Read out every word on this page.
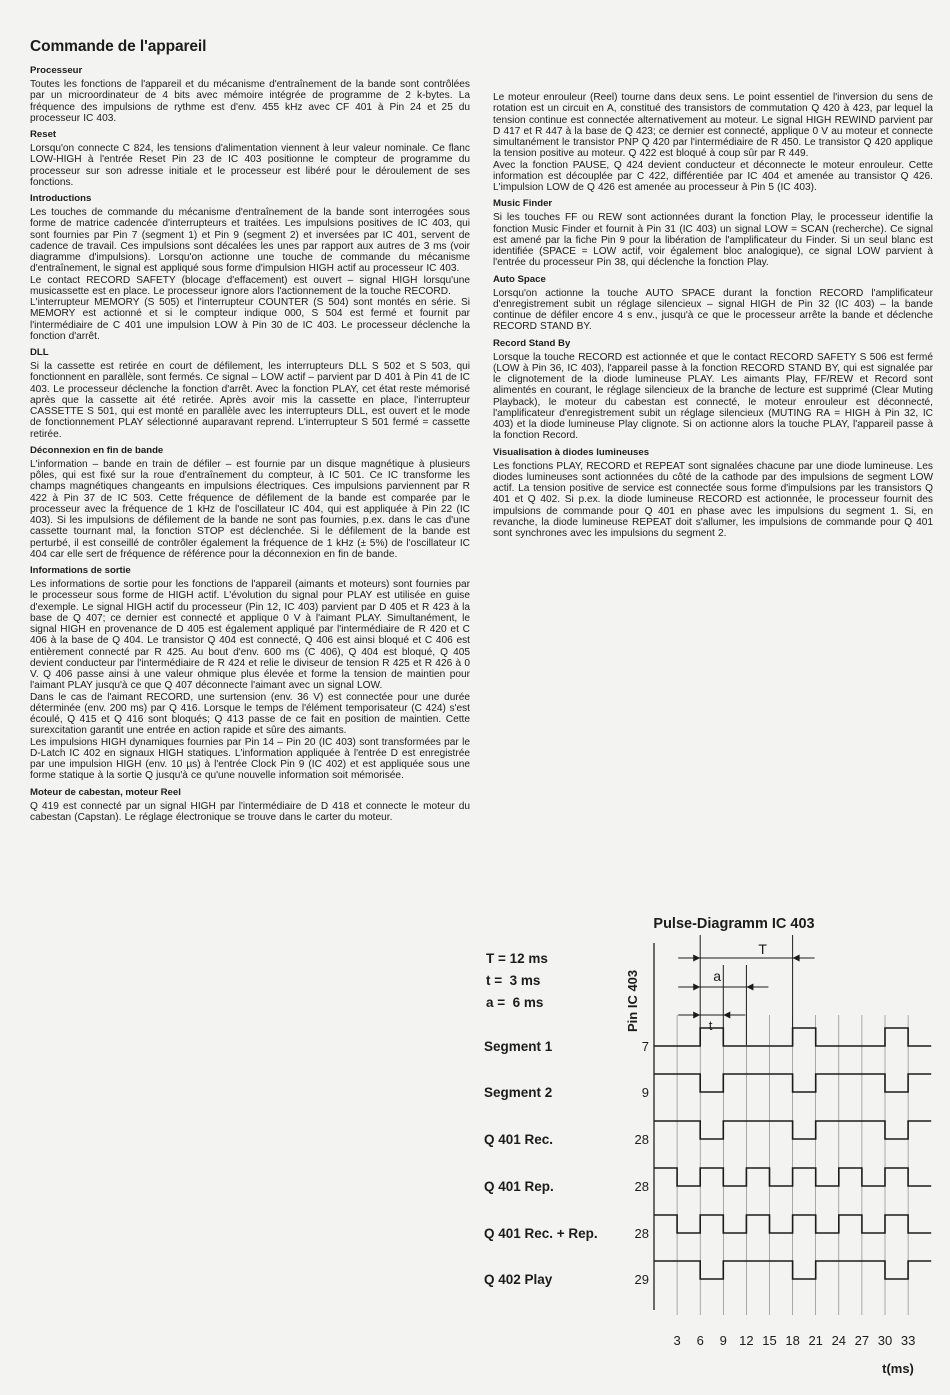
Commande de l'appareil
Processeur

Toutes les fonctions de l'appareil et du mécanisme d'entraînement de la bande sont contrôlées par un microordinateur de 4 bits avec mémoire intégrée de programme de 2 k-bytes. La fréquence des impulsions de rythme est d'env. 455 kHz avec CF 401 à Pin 24 et 25 du processeur IC 403.

Reset

Lorsqu'on connecte C 824, les tensions d'alimentation viennent à leur valeur nominale. Ce flanc LOW-HIGH à l'entrée Reset Pin 23 de IC 403 positionne le compteur de programme du processeur sur son adresse initiale et le processeur est libéré pour le déroulement de ses fonctions.

Introductions

Les touches de commande du mécanisme d'entraînement de la bande sont interrogées sous forme de matrice cadencée d'interrupteurs et traitées. Les impulsions positives de IC 403, qui sont fournies par Pin 7 (segment 1) et Pin 9 (segment 2) et inversées par IC 401, servent de cadence de travail. Ces impulsions sont décalées les unes par rapport aux autres de 3 ms (voir diagramme d'impulsions). Lorsqu'on actionne une touche de commande du mécanisme d'entraînement, le signal est appliqué sous forme d'impulsion HIGH actif au processeur IC 403.
Le contact RECORD SAFETY (blocage d'effacement) est ouvert – signal HIGH lorsqu'une musicassette est en place. Le processeur ignore alors l'actionnement de la touche RECORD.
L'interrupteur MEMORY (S 505) et l'interrupteur COUNTER (S 504) sont montés en série. Si MEMORY est actionné et si le compteur indique 000, S 504 est fermé et fournit par l'intermédiaire de C 401 une impulsion LOW à Pin 30 de IC 403. Le processeur déclenche la fonction d'arrêt.

DLL

Si la cassette est retirée en court de défilement, les interrupteurs DLL S 502 et S 503, qui fonctionnent en parallèle, sont fermés. Ce signal – LOW actif – parvient par D 401 à Pin 41 de IC 403. Le processeur déclenche la fonction d'arrêt. Avec la fonction PLAY, cet état reste mémorisé après que la cassette ait été retirée. Après avoir mis la cassette en place, l'interrupteur CASSETTE S 501, qui est monté en parallèle avec les interrupteurs DLL, est ouvert et le mode de fonctionnement PLAY sélectionné auparavant reprend. L'interrupteur S 501 fermé = cassette retirée.

Déconnexion en fin de bande

L'information – bande en train de défiler – est fournie par un disque magnétique à plusieurs pôles, qui est fixé sur la roue d'entraînement du compteur, à IC 501. Ce IC transforme les champs magnétiques changeants en impulsions électriques. Ces impulsions parviennent par R 422 à Pin 37 de IC 503. Cette fréquence de défilement de la bande est comparée par le processeur avec la fréquence de 1 kHz de l'oscillateur IC 404, qui est appliquée à Pin 22 (IC 403). Si les impulsions de défilement de la bande ne sont pas fournies, p.ex. dans le cas d'une cassette tournant mal, la fonction STOP est déclenchée. Si le défilement de la bande est perturbé, il est conseillé de contrôler également la fréquence de 1 kHz (± 5%) de l'oscillateur IC 404 car elle sert de fréquence de référence pour la déconnexion en fin de bande.

Informations de sortie

Les informations de sortie pour les fonctions de l'appareil (aimants et moteurs) sont fournies par le processeur sous forme de HIGH actif. L'évolution du signal pour PLAY est utilisée en guise d'exemple. Le signal HIGH actif du processeur (Pin 12, IC 403) parvient par D 405 et R 423 à la base de Q 407; ce dernier est connecté et applique 0 V à l'aimant PLAY. Simultanément, le signal HIGH en provenance de D 405 est également appliqué par l'intermédiaire de R 420 et C 406 à la base de Q 404. Le transistor Q 404 est connecté, Q 406 est ainsi bloqué et C 406 est entièrement connecté par R 425. Au bout d'env. 600 ms (C 406), Q 404 est bloqué, Q 405 devient conducteur par l'intermédiaire de R 424 et relie le diviseur de tension R 425 et R 426 à 0 V. Q 406 passe ainsi à une valeur ohmique plus élevée et forme la tension de maintien pour l'aimant PLAY jusqu'à ce que Q 407 déconnecte l'aimant avec un signal LOW.
Dans le cas de l'aimant RECORD, une surtension (env. 36 V) est connectée pour une durée déterminée (env. 200 ms) par Q 416. Lorsque le temps de l'élément temporisateur (C 424) s'est écoulé, Q 415 et Q 416 sont bloqués; Q 413 passe de ce fait en position de maintien. Cette surexcitation garantit une entrée en action rapide et sûre des aimants.
Les impulsions HIGH dynamiques fournies par Pin 14 – Pin 20 (IC 403) sont transformées par le D-Latch IC 402 en signaux HIGH statiques. L'information appliquée à l'entrée D est enregistrée par une impulsion HIGH (env. 10 µs) à l'entrée Clock Pin 9 (IC 402) et est appliquée sous une forme statique à la sortie Q jusqu'à ce qu'une nouvelle information soit mémorisée.

Moteur de cabestan, moteur Reel

Q 419 est connecté par un signal HIGH par l'intermédiaire de D 418 et connecte le moteur du cabestan (Capstan). Le réglage électronique se trouve dans le carter du moteur.

Le moteur enrouleur (Reel) tourne dans deux sens. Le point essentiel de l'inversion du sens de rotation est un circuit en A, constitué des transistors de commutation Q 420 à 423, par lequel la tension continue est connectée alternativement au moteur. Le signal HIGH REWIND parvient par D 417 et R 447 à la base de Q 423; ce dernier est connecté, applique 0 V au moteur et connecte simultanément le transistor PNP Q 420 par l'intermédiaire de R 450. Le transistor Q 420 applique la tension positive au moteur. Q 422 est bloqué à coup sûr par R 449.
Avec la fonction PAUSE, Q 424 devient conducteur et déconnecte le moteur enrouleur. Cette information est découplée par C 422, différentiée par IC 404 et amenée au transistor Q 426. L'impulsion LOW de Q 426 est amenée au processeur à Pin 5 (IC 403).

Music Finder

Si les touches FF ou REW sont actionnées durant la fonction Play, le processeur identifie la fonction Music Finder et fournit à Pin 31 (IC 403) un signal LOW = SCAN (recherche). Ce signal est amené par la fiche Pin 9 pour la libération de l'amplificateur du Finder. Si un seul blanc est identifiée (SPACE = LOW actif, voir également bloc analogique), ce signal LOW parvient à l'entrée du processeur Pin 38, qui déclenche la fonction Play.

Auto Space

Lorsqu'on actionne la touche AUTO SPACE durant la fonction RECORD l'amplificateur d'enregistrement subit un réglage silencieux – signal HIGH de Pin 32 (IC 403) – la bande continue de défiler encore 4 s env., jusqu'à ce que le processeur arrête la bande et déclenche RECORD STAND BY.

Record Stand By

Lorsque la touche RECORD est actionnée et que le contact RECORD SAFETY S 506 est fermé (LOW à Pin 36, IC 403), l'appareil passe à la fonction RECORD STAND BY, qui est signalée par le clignotement de la diode lumineuse PLAY. Les aimants Play, FF/REW et Record sont alimentés en courant, le réglage silencieux de la branche de lecture est supprimé (Clear Muting Playback), le moteur du cabestan est connecté, le moteur enrouleur est déconnecté, l'amplificateur d'enregistrement subit un réglage silencieux (MUTING RA = HIGH à Pin 32, IC 403) et la diode lumineuse Play clignote. Si on actionne alors la touche PLAY, l'appareil passe à la fonction Record.

Visualisation à diodes lumineuses

Les fonctions PLAY, RECORD et REPEAT sont signalées chacune par une diode lumineuse. Les diodes lumineuses sont actionnées du côté de la cathode par des impulsions de segment LOW actif. La tension positive de service est connectée sous forme d'impulsions par les transistors Q 401 et Q 402. Si p.ex. la diode lumineuse RECORD est actionnée, le processeur fournit des impulsions de commande pour Q 401 en phase avec les impulsions du segment 1. Si, en revanche, la diode lumineuse REPEAT doit s'allumer, les impulsions de commande pour Q 401 sont synchrones avec les impulsions du segment 2.

Pulse-Diagramm IC 403
Pin IC 403
T = 12 ms
t =  3 ms
a =  6 ms
t(ms)
Segment 1	7
Segment 2	9
Q 401 Rec.	28
Q 401 Rep.	28
Q 401 Rec. + Rep.	28
Q 402 Play	29
3 6 9 12 15 18 21 24 27 30 33
T
a
t
